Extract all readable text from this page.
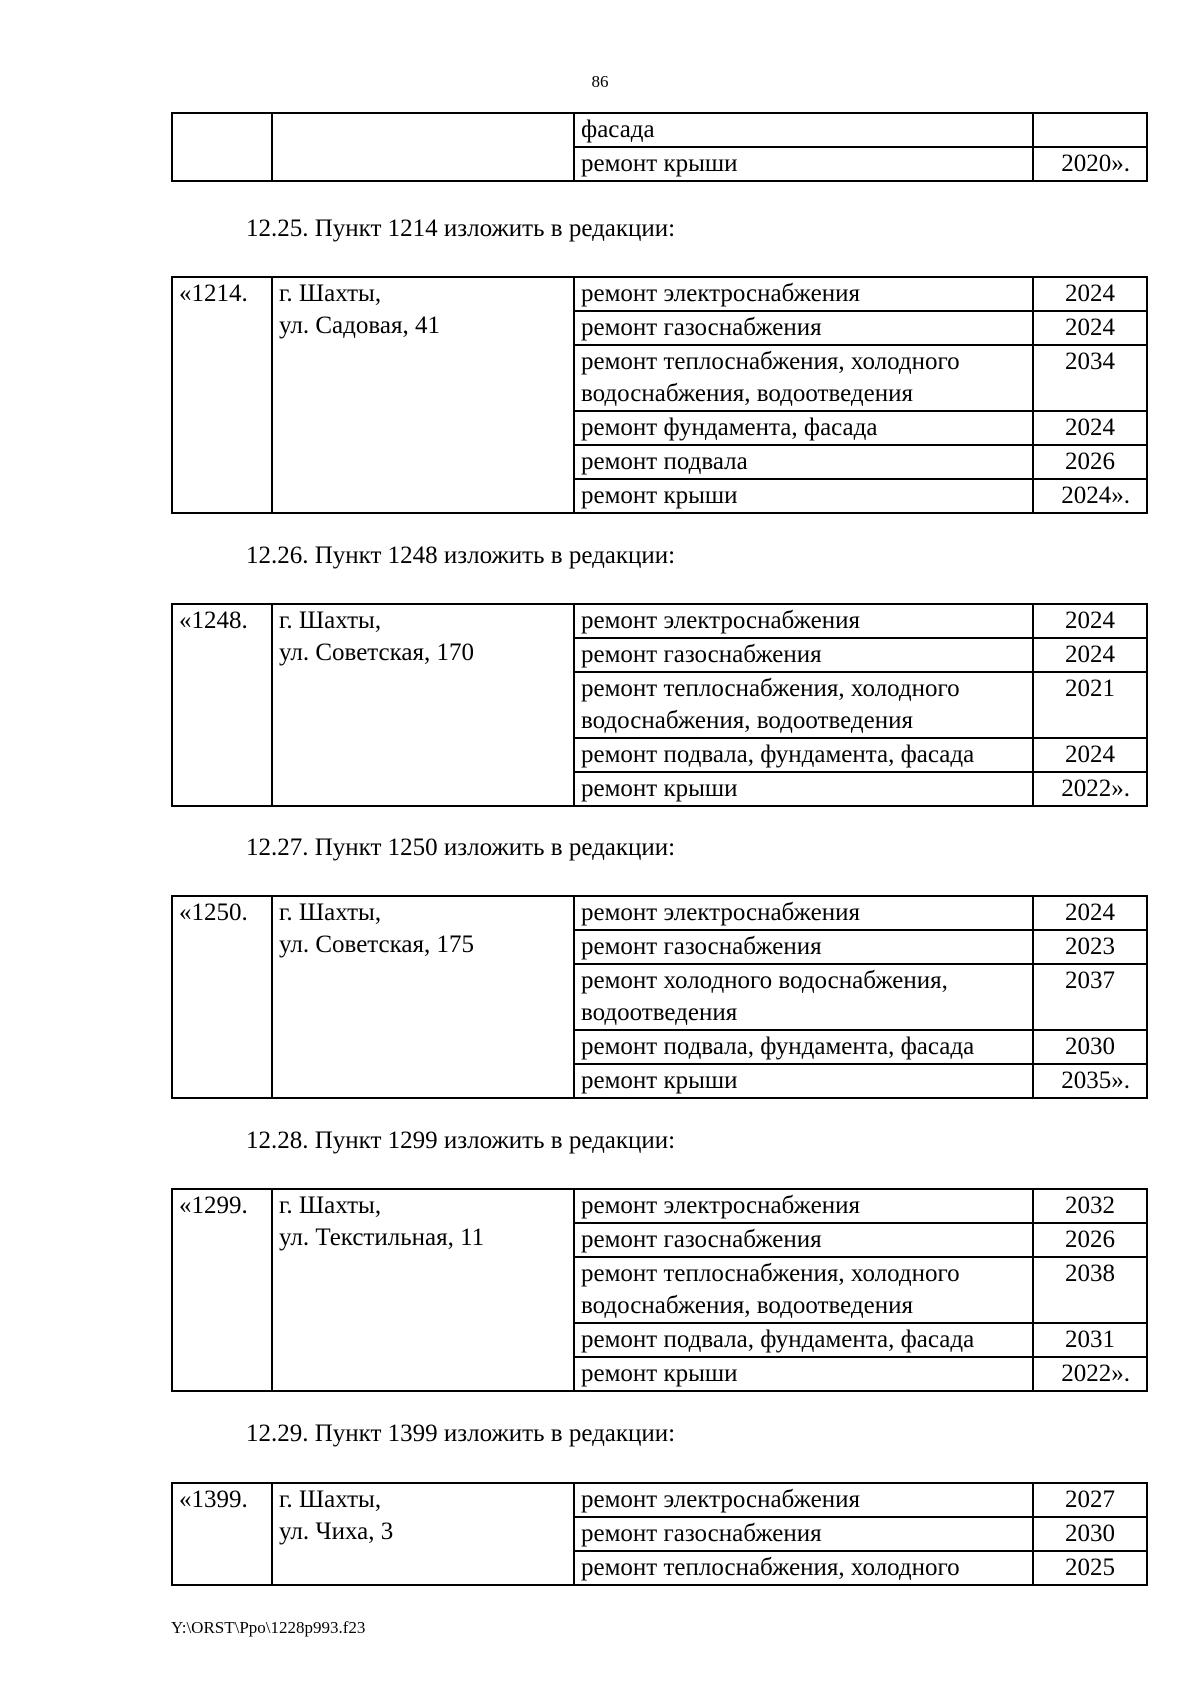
86
		фасада	
		ремонт крыши	2020».
12.25. Пункт 1214 изложить в редакции:
«1214.	г. Шахты,
ул. Садовая, 41	ремонт электроснабжения	2024
		ремонт газоснабжения	2024
		ремонт теплоснабжения, холодного водоснабжения, водоотведения	2034
		ремонт фундамента, фасада	2024
		ремонт подвала	2026
		ремонт крыши	2024».
12.26. Пункт 1248 изложить в редакции:
«1248.	г. Шахты,
ул. Советская, 170	ремонт электроснабжения	2024
		ремонт газоснабжения	2024
		ремонт теплоснабжения, холодного водоснабжения, водоотведения	2021
		ремонт подвала, фундамента, фасада	2024
		ремонт крыши	2022».
12.27. Пункт 1250 изложить в редакции:
«1250.	г. Шахты,
ул. Советская, 175	ремонт электроснабжения	2024
		ремонт газоснабжения	2023
		ремонт холодного водоснабжения, водоотведения	2037
		ремонт подвала, фундамента, фасада	2030
		ремонт крыши	2035».
12.28. Пункт 1299 изложить в редакции:
«1299.	г. Шахты,
ул. Текстильная, 11	ремонт электроснабжения	2032
		ремонт газоснабжения	2026
		ремонт теплоснабжения, холодного водоснабжения, водоотведения	2038
		ремонт подвала, фундамента, фасада	2031
		ремонт крыши	2022».
12.29. Пункт 1399 изложить в редакции:
«1399.	г. Шахты,
ул. Чиха, 3	ремонт электроснабжения	2027
		ремонт газоснабжения	2030
		ремонт теплоснабжения, холодного	2025
Y:\ORST\Ppo\1228p993.f23
